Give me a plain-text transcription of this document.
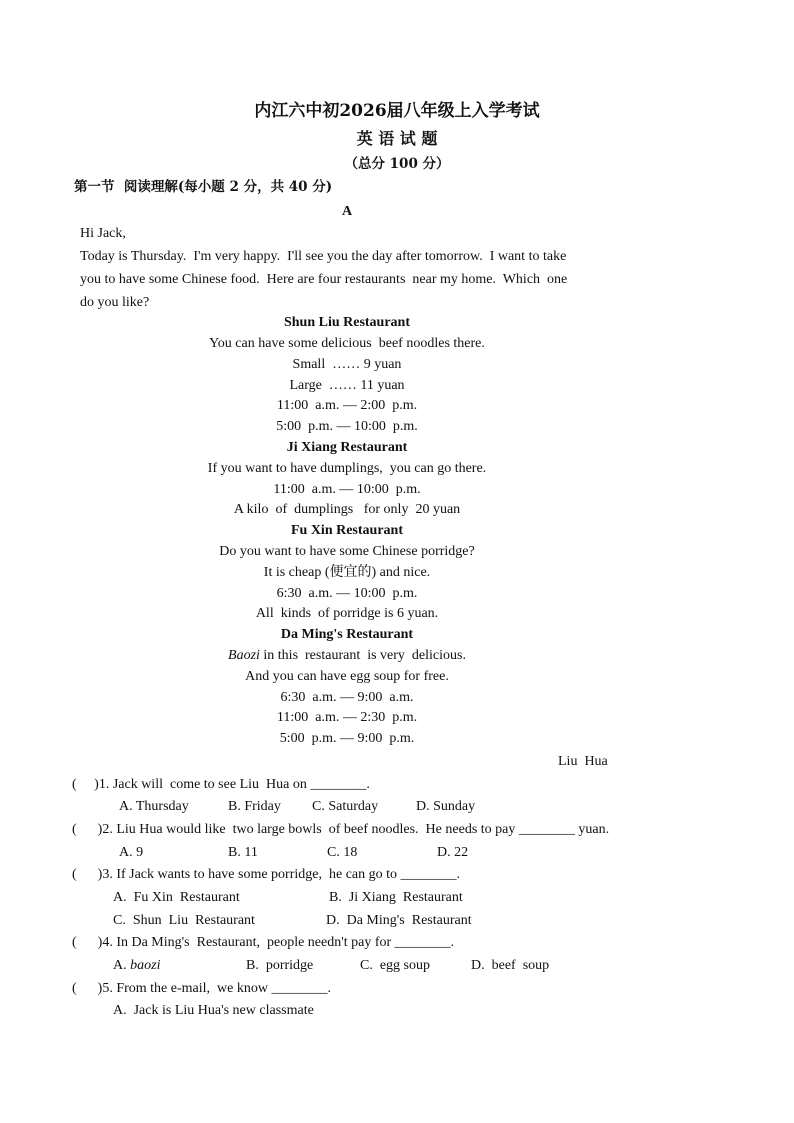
内江六中初2026届八年级上入学考试
英 语 试 题
（总分 100 分）
第一节  阅读理解(每小题 2 分，共 40 分)
A
Hi Jack,
Today is Thursday.  I'm very happy.  I'll see you the day after tomorrow.  I want to take
you to have some Chinese food.  Here are four restaurants  near my home.  Which  one
do you like?
Shun Liu Restaurant
You can have some delicious  beef noodles there.
Small  …… 9 yuan
Large  …… 11 yuan
11:00  a.m. — 2:00  p.m.
5:00  p.m. — 10:00  p.m.
Ji Xiang Restaurant
If you want to have dumplings,  you can go there.
11:00  a.m. — 10:00  p.m.
A kilo  of  dumplings   for only  20 yuan
Fu Xin Restaurant
Do you want to have some Chinese porridge?
It is cheap (便宜的) and nice.
6:30  a.m. — 10:00  p.m.
All  kinds  of porridge is 6 yuan.
Da Ming's Restaurant
Baozi in this  restaurant  is very  delicious.
And you can have egg soup for free.
6:30  a.m. — 9:00  a.m.
11:00  a.m. — 2:30  p.m.
5:00  p.m. — 9:00  p.m.
Liu  Hua
(     )1. Jack will  come to see Liu  Hua on ________.
A. Thursday	B. Friday C. Saturday	D. Sunday
(      )2. Liu Hua would like  two large bowls  of beef noodles.  He needs to pay ________ yuan.
A. 9	B. 11	C. 18	D. 22
(      )3. If Jack wants to have some porridge,  he can go to ________.
A.  Fu Xin  Restaurant	B.  Ji Xiang  Restaurant
C.  Shun  Liu  Restaurant	D.  Da Ming's  Restaurant
(      )4. In Da Ming's  Restaurant,  people needn't pay for ________.
A. baozi	B.  porridge	C.  egg soup	D.  beef  soup
(      )5. From the e-mail,  we know ________.
A.  Jack is Liu Hua's new classmate
